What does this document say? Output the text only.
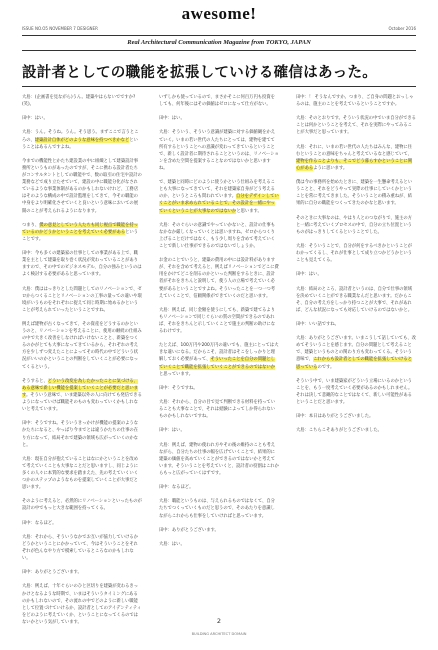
awesome!
ISSUE NO.O5 NOVEMBER 7 DESIGNER	October 2016
Real Architectural Communication Magazine from TOKYO, JAPAN
設計者としての職能を拡張していける確信はあった。

大島：(企画書を見ながら)うん。建築やはらないでですか?(笑)。

田中：はい。

大島：うん。そうね。うん。そう思う。まずここで言うところの、建築設計自体がどのような意味を持つべきかなどということはあるんですよね。

今までの機能性とかたち建設業の中に組織として建築設計事務所というものがあったのですが、そこに携わる設計者たちがコンサルタントとしての職能やで、数の取引の住宅や設計の業務などで成り立たせていて、建設の中に職能分化がなされているような事業体制があるのかもしれないけれど、工務店はそのような構成の中で設計監理をしてきて、今その職能の中身をより明確化させていくと良いという意味においての展開のことが考えられるようになります。

つまり、僕の意見としていう人たちも同じ視点で職能を持っているのかどうかということを考えていく必要があるということです。

田中：今も多くの建築家の仕事としての事業がある上で、職業を主として建築を取り巻く状況が変わっていることがありますので、その中でのビジネスモデル、自分の強みというのはよく検討する必要があると思っています。

大島：僕ははっきりとした問題としてのリノベーションで、ゼロからつくることとリノベーションの工事の量っての違いや環境がいうものをそれぞれに捉えて同じ時期に始めるかということが考えられていったということですね。

例えば建物が古くなってきて、その資産をどうするのかというのと、リノベーションを考えることに、使用の継続の仕組みの中で大きく改善をしなければいけないことと、新築をつくるのかがとても大事になってきているから、それぞれの考え方を少しずつ変えたことによってその時代の中でどういう状況がいいのかということの判断をしていくことが必要になってくるという。

そうすると、どういう改変を為したかったことに気づける、ある意味で新しい機能を提案していくことが必要だと思います。そういう意味で、いま建築以外の人に向けても発信できるようになっていけば職能そのものも変わっていくかもしれないと考えています。

田中：そうですね。そういうきっかけが機能の提案のようなかたちになると、やっぱり今までとは違うかたちの仕事の在り方になって、結局それで建築の領域も広がっていくのかなと。

大島：現在自分が抱えていることはなにかということを改めて考えていくことも大事なことだと思いますし、同じように多くの人々に本質的な要求を踏まえた、先の考えていくいくつかのステップのようなものを提案していくことが大事だと思います。

そのように考えると、必然的にリノベーションといったものが設計の中でもっと大きな範囲を持ってくる。

田中：なるほど。

大島：それから、そういうなかでお互いが協力していけるかどうかということにかかっていて、今はそういうことをそれぞれが色んなやり方で模索しているところなのかもしれない。

田中：ありがとうございます。

大島：例えば、十年ぐらいのひと区切りを建築が変わるきっかけとなるような時期で、いまはそういうタイミングにあるのかもしれないので、その流れの中でどのように新しい職能として位置づけていけるか、設計者としてのアイデンティティをどのように考えていくか、ということになってくるのではないかという気がしています。

いずしかも使っているので、まさかそこに何百万円も投資をしても、何年後にはその価値はゼロになって仕方がない。

田中：はい。

大島：そういう、そういう意識が建築に対する価値観をかえていく。いまの若い世代の人たちにとっては、建物を建てて所有するということへの意識が変わってきているということで、新しく設計者に期待されることというのは、リノベーションを含めた空間を提案することなのではないかと思いますね。

で、建築と同時にどのように使うかという仕組みを考えることも大事になってきていて、それを建築家自身がどう考えるのか、というところも問われています。自分をデザインしていくことがいま求められていることで、その設計を一緒にやっていくということが大事なのではないかと思います。

大島：そのぐらいの意識でやっていかないと、設計の仕事もなかなか厳しくなっていくとは思いますね。ゼロからつくり上げることだけではなく、もう少し周りを含めて考えていくことで新しい仕事ができるのではないでしょうか。

お金のことでいうと、建築の費用の中には設計料がありますが、それを含めて考えると、例えばリノベーションでどこに費用をかけてどこを削るのかといった判断をするときに、設計者がそれをきちんと説明して、使う人の立場で考えていく必要があるということですよね。そういったことを一つ一つ考えていくことで、信頼関係ができていくのだと思います。

大島：例えば、同じ金額を使うにしても、新築で建てるよりもリノベーションで同じぐらいの質の空間ができるのであれば、それをきちんと示していくことで施主の判断の助けになるわけです。

たとえば、100万円や200万円の違いでも、施主にとっては大きな違いになる。だからこそ、設計者はそこをしっかりと理解しておく必要があって、そういったことを自分の問題としていくことで職能を拡張していくことができるのではないかと思っています。

田中：そうですね。

大島：それから、自分の目で見て判断できる材料を持っていることも大事なことで、それは経験によってしか得られないものかもしれないですね。

田中：はい。

大島：例えば、建物の使われ方やその後の維持のことも考えながら、自分たちの仕事の幅を広げていくことで、結果的に建築の価値を高めていくことができるのではないかと考えています。そういうことを考えていくと、設計者の役割はこれからもっと広がっていくはずです。

田中：なるほど。

大島：職能というものは、与えられるものではなくて、自分たちでつくっていくものだと思うので、そのあたりを意識しながらこれからも仕事をしていければと思っています。

田中：ありがとうございます。

大島：はい。

田中：！ そうなんですか。つまり、ご自身の問題とおっしゃるのは、施主のことを考えているということですか。

大島：そのとおりです。そういう状況の中でいま自分ができることは何かということを考えて、それを実際にやってみることが大事だと思っています。

大島：それに、いまの若い世代の人たちはみんな、建物に住むということの意味をちゃんと考えているなと感じていて、建物を作ることよりも、そこでどう暮らすかということに関心があるように思います。

僕は今の事務所を始めたときに、建築を一生懸命考えるということと、それをどうやって実際の仕事にしていくかということを常に考えてきました。そういうことの積み重ねが、結果的に自分の職能をつくってきたのかなと思います。

そのときに大事なのは、やはり人とのつながりで、施主の方と一緒に考えていくプロセスの中で、自分の立ち位置というものがはっきりしてくるということでした。

大島：そういうことで、自分が何をするべきかということがわかってくるし、それが仕事として成り立つかどうかということも見えてくる。

田中：はい。

大島：結局のところ、設計者というのは、自分で仕事の領域を決めていくことができる職業なんだと思います。だからこそ、自分の考え方をしっかり持つことが大事で、それがあれば、どんな状況になっても対応していけるのではないかと。

田中：いい話ですね。

大島：ありがとうございます。いまこうして話していても、改めてそういうことを感じます。自分の問題として考えることで、建築というものとの関わり方も変わってくる。そういう意味で、これからも設計者としての職能を拡張していけると思っているのです。

そういう中で、いま建築家がどういう立場にいるのかということを、もう一度考えていく必要があるのかもしれません。それは決して悲観的なことではなくて、新しい可能性があるということだと思います。

田中：本日はありがとうございました。

大島：こちらこそありがとうございました。

2
BUILDING ARCHITECT DOMAIN
